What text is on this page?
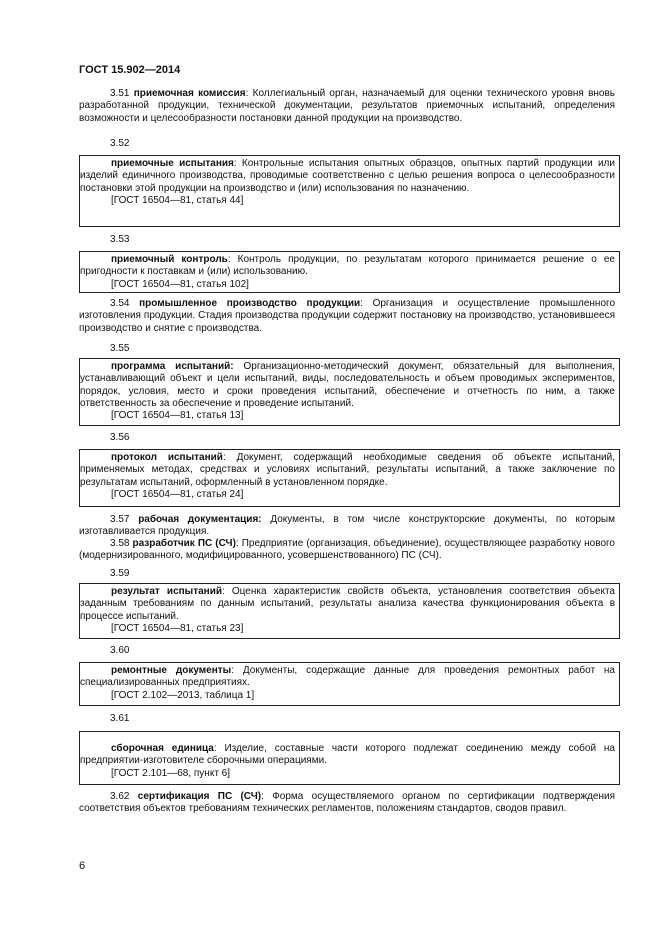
ГОСТ 15.902—2014
3.51 приемочная комиссия: Коллегиальный орган, назначаемый для оценки технического уровня вновь разработанной продукции, технической документации, результатов приемочных испытаний, определения возможности и целесообразности постановки данной продукции на производство.
3.52
приемочные испытания: Контрольные испытания опытных образцов, опытных партий продукции или изделий единичного производства, проводимые соответственно с целью решения вопроса о целесообразности постановки этой продукции на производство и (или) использования по назначению.
[ГОСТ 16504—81, статья 44]
3.53
приемочный контроль: Контроль продукции, по результатам которого принимается решение о ее пригодности к поставкам и (или) использованию.
[ГОСТ 16504—81, статья 102]
3.54 промышленное производство продукции: Организация и осуществление промышленного изготовления продукции. Стадия производства продукции содержит постановку на производство, установившееся производство и снятие с производства.
3.55
программа испытаний: Организационно-методический документ, обязательный для выполнения, устанавливающий объект и цели испытаний, виды, последовательность и объем проводимых экспериментов, порядок, условия, место и сроки проведения испытаний, обеспечение и отчетность по ним, а также ответственность за обеспечение и проведение испытаний.
[ГОСТ 16504—81, статья 13]
3.56
протокол испытаний: Документ, содержащий необходимые сведения об объекте испытаний, применяемых методах, средствах и условиях испытаний, результаты испытаний, а также заключение по результатам испытаний, оформленный в установленном порядке.
[ГОСТ 16504—81, статья 24]
3.57 рабочая документация: Документы, в том числе конструкторские документы, по которым изготавливается продукция.
3.58 разработчик ПС (СЧ): Предприятие (организация, объединение), осуществляющее разработку нового (модернизированного, модифицированного, усовершенствованного) ПС (СЧ).
3.59
результат испытаний: Оценка характеристик свойств объекта, установления соответствия объекта заданным требованиям по данным испытаний, результаты анализа качества функционирования объекта в процессе испытаний.
[ГОСТ 16504—81, статья 23]
3.60
ремонтные документы: Документы, содержащие данные для проведения ремонтных работ на специализированных предприятиях.
[ГОСТ 2.102—2013, таблица 1]
3.61
сборочная единица: Изделие, составные части которого подлежат соединению между собой на предприятии-изготовителе сборочными операциями.
[ГОСТ 2.101—68, пункт 6]
3.62 сертификация ПС (СЧ): Форма осуществляемого органом по сертификации подтверждения соответствия объектов требованиям технических регламентов, положениям стандартов, сводов правил.
6
